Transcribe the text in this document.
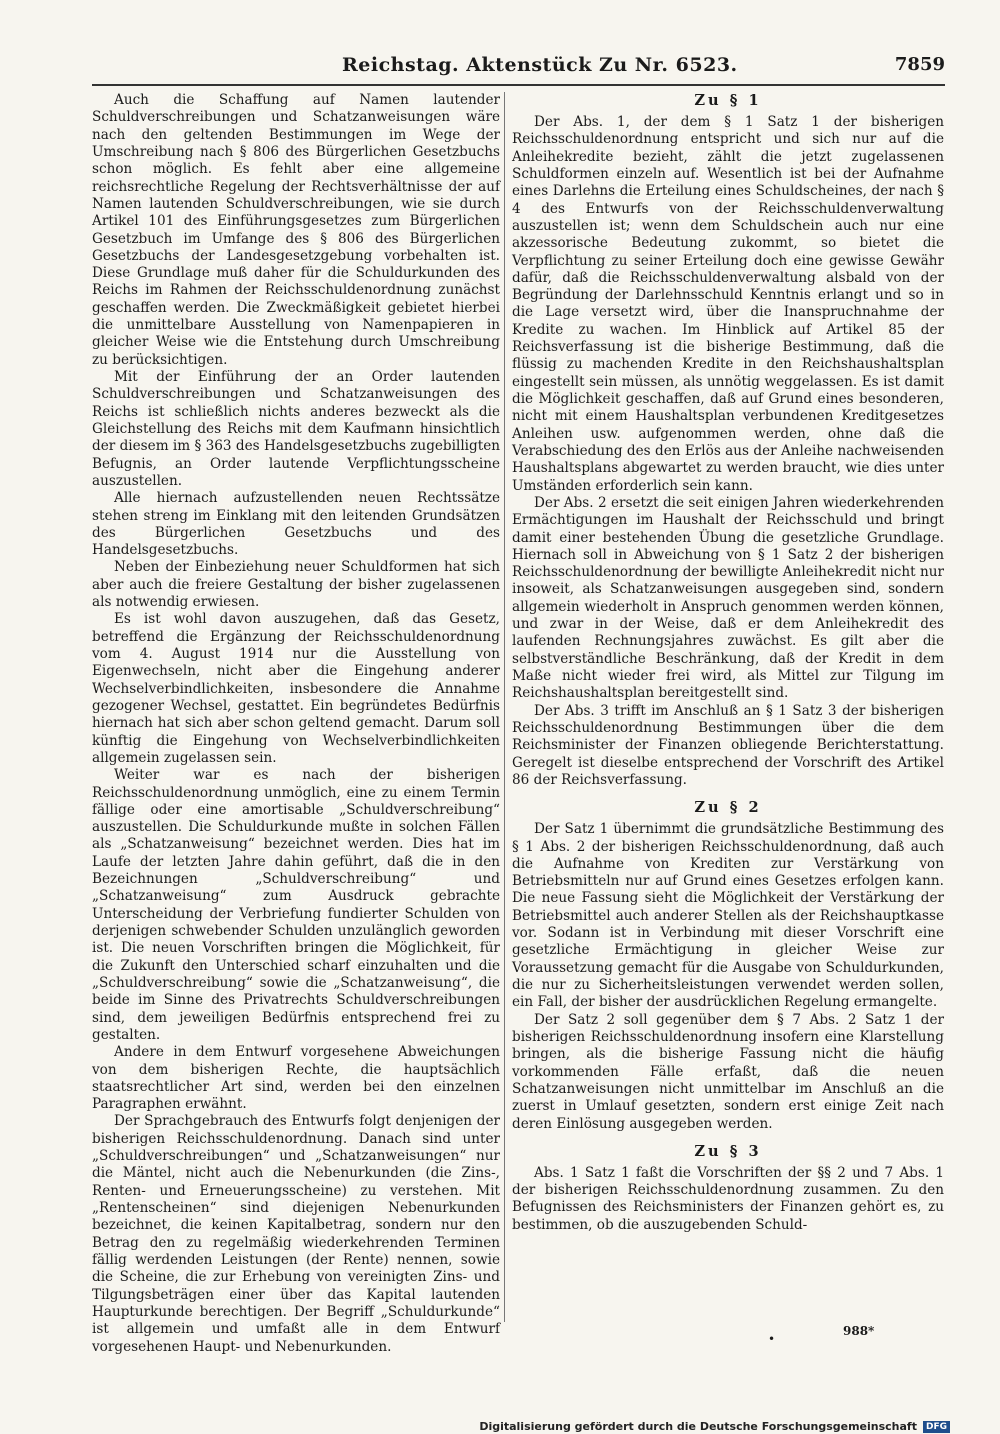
Reichstag. Aktenstück Zu Nr. 6523.	7859

Auch die Schaffung auf Namen lautender Schuldverschreibungen und Schatzanweisungen wäre nach den geltenden Bestimmungen im Wege der Umschreibung nach § 806 des Bürgerlichen Gesetzbuchs schon möglich. Es fehlt aber eine allgemeine reichsrechtliche Regelung der Rechtsverhältnisse der auf Namen lautenden Schuldverschreibungen, wie sie durch Artikel 101 des Einführungsgesetzes zum Bürgerlichen Gesetzbuch im Umfange des § 806 des Bürgerlichen Gesetzbuchs der Landesgesetzgebung vorbehalten ist. Diese Grundlage muß daher für die Schuldurkunden des Reichs im Rahmen der Reichsschuldenordnung zunächst geschaffen werden. Die Zweckmäßigkeit gebietet hierbei die unmittelbare Ausstellung von Namenpapieren in gleicher Weise wie die Entstehung durch Umschreibung zu berücksichtigen.

Mit der Einführung der an Order lautenden Schuldverschreibungen und Schatzanweisungen des Reichs ist schließlich nichts anderes bezweckt als die Gleichstellung des Reichs mit dem Kaufmann hinsichtlich der diesem im § 363 des Handelsgesetzbuchs zugebilligten Befugnis, an Order lautende Verpflichtungsscheine auszustellen.

Alle hiernach aufzustellenden neuen Rechtssätze stehen streng im Einklang mit den leitenden Grundsätzen des Bürgerlichen Gesetzbuchs und des Handelsgesetzbuchs.

Neben der Einbeziehung neuer Schuldformen hat sich aber auch die freiere Gestaltung der bisher zugelassenen als notwendig erwiesen.

Es ist wohl davon auszugehen, daß das Gesetz, betreffend die Ergänzung der Reichsschuldenordnung vom 4. August 1914 nur die Ausstellung von Eigenwechseln, nicht aber die Eingehung anderer Wechselverbindlichkeiten, insbesondere die Annahme gezogener Wechsel, gestattet. Ein begründetes Bedürfnis hiernach hat sich aber schon geltend gemacht. Darum soll künftig die Eingehung von Wechselverbindlichkeiten allgemein zugelassen sein.

Weiter war es nach der bisherigen Reichsschuldenordnung unmöglich, eine zu einem Termin fällige oder eine amortisable „Schuldverschreibung“ auszustellen. Die Schuldurkunde mußte in solchen Fällen als „Schatzanweisung“ bezeichnet werden. Dies hat im Laufe der letzten Jahre dahin geführt, daß die in den Bezeichnungen „Schuldverschreibung“ und „Schatzanweisung“ zum Ausdruck gebrachte Unterscheidung der Verbriefung fundierter Schulden von derjenigen schwebender Schulden unzulänglich geworden ist. Die neuen Vorschriften bringen die Möglichkeit, für die Zukunft den Unterschied scharf einzuhalten und die „Schuldverschreibung“ sowie die „Schatzanweisung“, die beide im Sinne des Privatrechts Schuldverschreibungen sind, dem jeweiligen Bedürfnis entsprechend frei zu gestalten.

Andere in dem Entwurf vorgesehene Abweichungen von dem bisherigen Rechte, die hauptsächlich staatsrechtlicher Art sind, werden bei den einzelnen Paragraphen erwähnt.

Der Sprachgebrauch des Entwurfs folgt denjenigen der bisherigen Reichsschuldenordnung. Danach sind unter „Schuldverschreibungen“ und „Schatzanweisungen“ nur die Mäntel, nicht auch die Nebenurkunden (die Zins-, Renten- und Erneuerungsscheine) zu verstehen. Mit „Rentenscheinen“ sind diejenigen Nebenurkunden bezeichnet, die keinen Kapitalbetrag, sondern nur den Betrag den zu regelmäßig wiederkehrenden Terminen fällig werdenden Leistungen (der Rente) nennen, sowie die Scheine, die zur Erhebung von vereinigten Zins- und Tilgungsbeträgen einer über das Kapital lautenden Haupturkunde berechtigen. Der Begriff „Schuldurkunde“ ist allgemein und umfaßt alle in dem Entwurf vorgesehenen Haupt- und Nebenurkunden.

Zu § 1

Der Abs. 1, der dem § 1 Satz 1 der bisherigen Reichsschuldenordnung entspricht und sich nur auf die Anleihekredite bezieht, zählt die jetzt zugelassenen Schuldformen einzeln auf. Wesentlich ist bei der Aufnahme eines Darlehns die Erteilung eines Schuldscheines, der nach § 4 des Entwurfs von der Reichsschuldenverwaltung auszustellen ist; wenn dem Schuldschein auch nur eine akzessorische Bedeutung zukommt, so bietet die Verpflichtung zu seiner Erteilung doch eine gewisse Gewähr dafür, daß die Reichsschuldenverwaltung alsbald von der Begründung der Darlehnsschuld Kenntnis erlangt und so in die Lage versetzt wird, über die Inanspruchnahme der Kredite zu wachen. Im Hinblick auf Artikel 85 der Reichsverfassung ist die bisherige Bestimmung, daß die flüssig zu machenden Kredite in den Reichshaushaltsplan eingestellt sein müssen, als unnötig weggelassen. Es ist damit die Möglichkeit geschaffen, daß auf Grund eines besonderen, nicht mit einem Haushaltsplan verbundenen Kreditgesetzes Anleihen usw. aufgenommen werden, ohne daß die Verabschiedung des den Erlös aus der Anleihe nachweisenden Haushaltsplans abgewartet zu werden braucht, wie dies unter Umständen erforderlich sein kann.

Der Abs. 2 ersetzt die seit einigen Jahren wiederkehrenden Ermächtigungen im Haushalt der Reichsschuld und bringt damit einer bestehenden Übung die gesetzliche Grundlage. Hiernach soll in Abweichung von § 1 Satz 2 der bisherigen Reichsschuldenordnung der bewilligte Anleihekredit nicht nur insoweit, als Schatzanweisungen ausgegeben sind, sondern allgemein wiederholt in Anspruch genommen werden können, und zwar in der Weise, daß er dem Anleihekredit des laufenden Rechnungsjahres zuwächst. Es gilt aber die selbstverständliche Beschränkung, daß der Kredit in dem Maße nicht wieder frei wird, als Mittel zur Tilgung im Reichshaushaltsplan bereitgestellt sind.

Der Abs. 3 trifft im Anschluß an § 1 Satz 3 der bisherigen Reichsschuldenordnung Bestimmungen über die dem Reichsminister der Finanzen obliegende Berichterstattung. Geregelt ist dieselbe entsprechend der Vorschrift des Artikel 86 der Reichsverfassung.

Zu § 2

Der Satz 1 übernimmt die grundsätzliche Bestimmung des § 1 Abs. 2 der bisherigen Reichsschuldenordnung, daß auch die Aufnahme von Krediten zur Verstärkung von Betriebsmitteln nur auf Grund eines Gesetzes erfolgen kann. Die neue Fassung sieht die Möglichkeit der Verstärkung der Betriebsmittel auch anderer Stellen als der Reichshauptkasse vor. Sodann ist in Verbindung mit dieser Vorschrift eine gesetzliche Ermächtigung in gleicher Weise zur Voraussetzung gemacht für die Ausgabe von Schuldurkunden, die nur zu Sicherheitsleistungen verwendet werden sollen, ein Fall, der bisher der ausdrücklichen Regelung ermangelte.

Der Satz 2 soll gegenüber dem § 7 Abs. 2 Satz 1 der bisherigen Reichsschuldenordnung insofern eine Klarstellung bringen, als die bisherige Fassung nicht die häufig vorkommenden Fälle erfaßt, daß die neuen Schatzanweisungen nicht unmittelbar im Anschluß an die zuerst in Umlauf gesetzten, sondern erst einige Zeit nach deren Einlösung ausgegeben werden.

Zu § 3

Abs. 1 Satz 1 faßt die Vorschriften der §§ 2 und 7 Abs. 1 der bisherigen Reichsschuldenordnung zusammen. Zu den Befugnissen des Reichsministers der Finanzen gehört es, zu bestimmen, ob die auszugebenden Schuld-

•
988*
Digitalisierung gefördert durch die Deutsche Forschungsgemeinschaft	DFG
